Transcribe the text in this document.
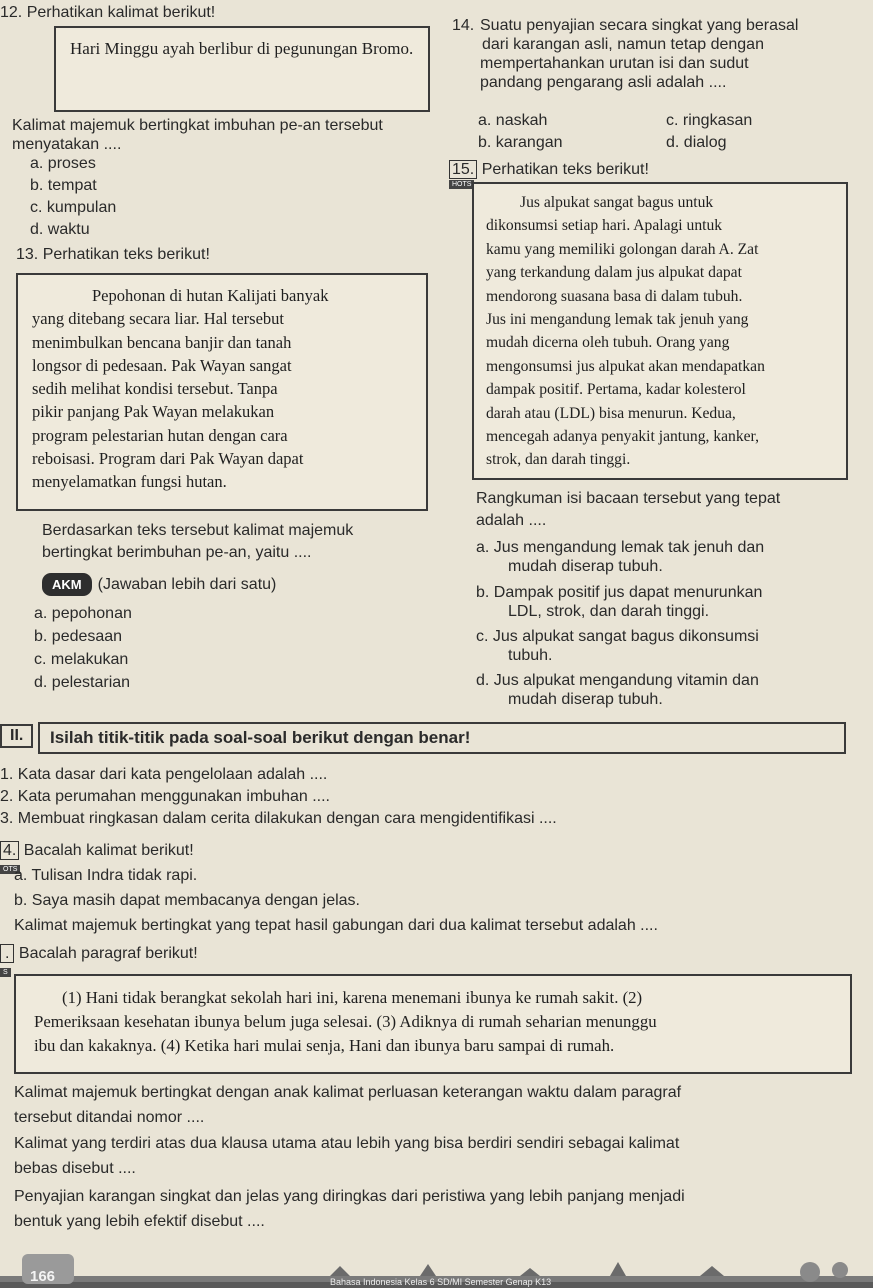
12. Perhatikan kalimat berikut!
Hari Minggu ayah berlibur di pegunungan Bromo.
Kalimat majemuk bertingkat imbuhan pe-an tersebut menyatakan ....
a. proses
b. tempat
c. kumpulan
d. waktu
13. Perhatikan teks berikut!
Pepohonan di hutan Kalijati banyak
yang ditebang secara liar. Hal tersebut
menimbulkan bencana banjir dan tanah
longsor di pedesaan. Pak Wayan sangat
sedih melihat kondisi tersebut. Tanpa
pikir panjang Pak Wayan melakukan
program pelestarian hutan dengan cara
reboisasi. Program dari Pak Wayan dapat
menyelamatkan fungsi hutan.
Berdasarkan teks tersebut kalimat majemuk
bertingkat berimbuhan pe-an, yaitu ....
AKM (Jawaban lebih dari satu)
a. pepohonan
b. pedesaan
c. melakukan
d. pelestarian
14. Suatu penyajian secara singkat yang berasal
dari karangan asli, namun tetap dengan
mempertahankan urutan isi dan sudut
pandang pengarang asli adalah ....
a. naskah	c. ringkasan
b. karangan	d. dialog
15. Perhatikan teks berikut!
HOTS
Jus alpukat sangat bagus untuk
dikonsumsi setiap hari. Apalagi untuk
kamu yang memiliki golongan darah A. Zat
yang terkandung dalam jus alpukat dapat
mendorong suasana basa di dalam tubuh.
Jus ini mengandung lemak tak jenuh yang
mudah dicerna oleh tubuh. Orang yang
mengonsumsi jus alpukat akan mendapatkan
dampak positif. Pertama, kadar kolesterol
darah atau (LDL) bisa menurun. Kedua,
mencegah adanya penyakit jantung, kanker,
strok, dan darah tinggi.
Rangkuman isi bacaan tersebut yang tepat
adalah ....
a. Jus mengandung lemak tak jenuh dan
mudah diserap tubuh.
b. Dampak positif jus dapat menurunkan
LDL, strok, dan darah tinggi.
c. Jus alpukat sangat bagus dikonsumsi
tubuh.
d. Jus alpukat mengandung vitamin dan
mudah diserap tubuh.
II.	Isilah titik-titik pada soal-soal berikut dengan benar!
1. Kata dasar dari kata pengelolaan adalah ....
2. Kata perumahan menggunakan imbuhan ....
3. Membuat ringkasan dalam cerita dilakukan dengan cara mengidentifikasi ....
4. Bacalah kalimat berikut!
OTS
a. Tulisan Indra tidak rapi.
b. Saya masih dapat membacanya dengan jelas.
Kalimat majemuk bertingkat yang tepat hasil gabungan dari dua kalimat tersebut adalah ....
. Bacalah paragraf berikut!
S
(1) Hani tidak berangkat sekolah hari ini, karena menemani ibunya ke rumah sakit. (2)
Pemeriksaan kesehatan ibunya belum juga selesai. (3) Adiknya di rumah seharian menunggu
ibu dan kakaknya. (4) Ketika hari mulai senja, Hani dan ibunya baru sampai di rumah.
Kalimat majemuk bertingkat dengan anak kalimat perluasan keterangan waktu dalam paragraf
tersebut ditandai nomor ....
Kalimat yang terdiri atas dua klausa utama atau lebih yang bisa berdiri sendiri sebagai kalimat
bebas disebut ....
Penyajian karangan singkat dan jelas yang diringkas dari peristiwa yang lebih panjang menjadi
bentuk yang lebih efektif disebut ....
166	Bahasa Indonesia Kelas 6 SD/MI Semester Genap K13
